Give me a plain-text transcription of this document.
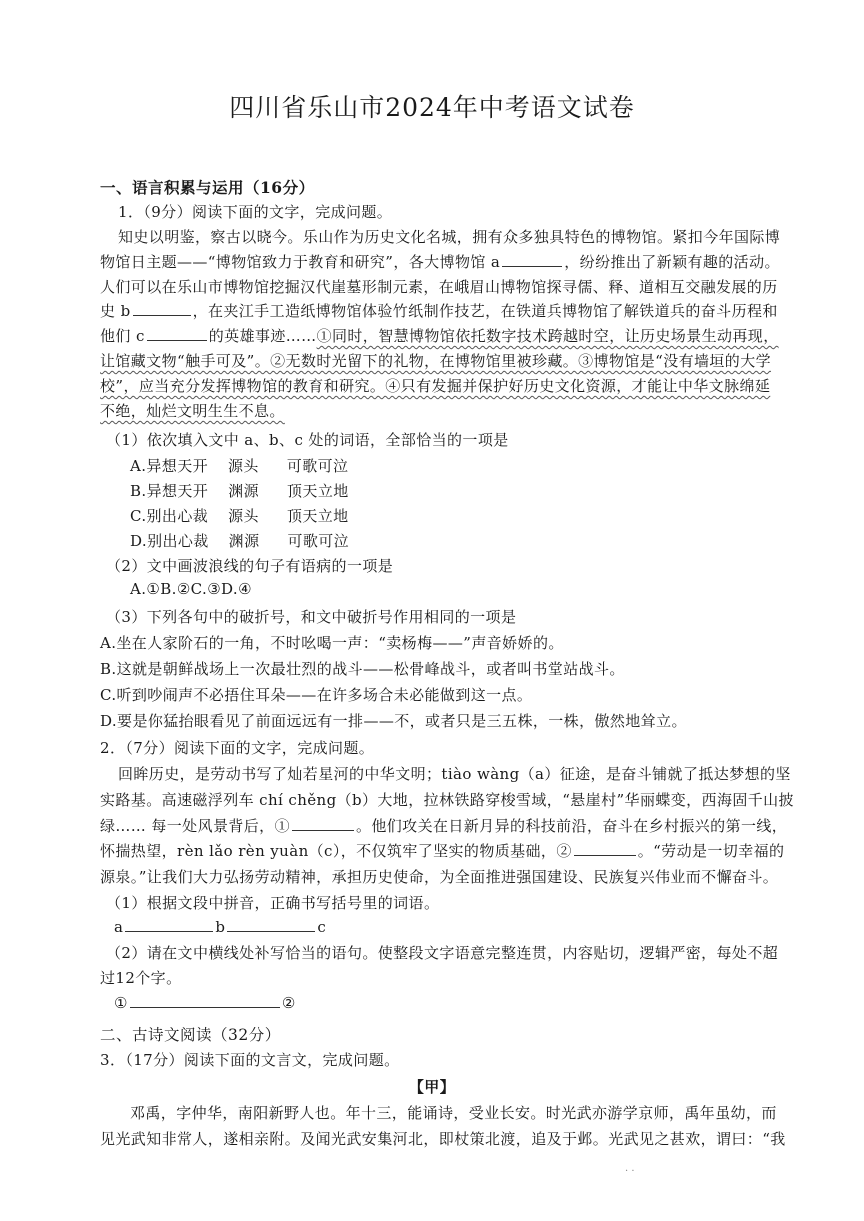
四川省乐山市2024年中考语文试卷
一、语言积累与运用（16分）
1．（9分）阅读下面的文字，完成问题。
知史以明鉴，察古以晓今。乐山作为历史文化名城，拥有众多独具特色的博物馆。紧扣今年国际博
物馆日主题——“博物馆致力于教育和研究”，各大博物馆 a	，纷纷推出了新颖有趣的活动。
人们可以在乐山市博物馆挖掘汉代崖墓形制元素，在峨眉山博物馆探寻儒、释、道相互交融发展的历
史 b	，在夹江手工造纸博物馆体验竹纸制作技艺，在铁道兵博物馆了解铁道兵的奋斗历程和
他们 c	的英雄事迹……①同时，智慧博物馆依托数字技术跨越时空，让历史场景生动再现，
让馆藏文物“触手可及”。②无数时光留下的礼物，在博物馆里被珍藏。③博物馆是“没有墙垣的大学
校”，应当充分发挥博物馆的教育和研究。④只有发掘并保护好历史文化资源，才能让中华文脉绵延
不绝，灿烂文明生生不息。
（1）依次填入文中 a、b、c 处的词语，全部恰当的一项是
A.异想天开 源头 可歌可泣
B.异想天开 渊源 顶天立地
C.别出心裁 源头 顶天立地
D.别出心裁 渊源 可歌可泣
（2）文中画波浪线的句子有语病的一项是
A.①B.②C.③D.④
（3）下列各句中的破折号，和文中破折号作用相同的一项是
A.坐在人家阶石的一角，不时吆喝一声：“卖杨梅——”声音娇娇的。
B.这就是朝鲜战场上一次最壮烈的战斗——松骨峰战斗，或者叫书堂站战斗。
C.听到吵闹声不必捂住耳朵——在许多场合未必能做到这一点。
D.要是你猛抬眼看见了前面远远有一排——不，或者只是三五株，一株，傲然地耸立。
2．（7分）阅读下面的文字，完成问题。
回眸历史，是劳动书写了灿若星河的中华文明；tiào wàng（a）征途，是奋斗铺就了抵达梦想的坚
实路基。高速磁浮列车 chí chěng（b）大地，拉林铁路穿梭雪域，“悬崖村”华丽蝶变，西海固千山披
绿…… 每一处风景背后，①	。他们攻关在日新月异的科技前沿，奋斗在乡村振兴的第一线，
怀揣热望，rèn lǎo rèn yuàn（c），不仅筑牢了坚实的物质基础，②	。“劳动是一切幸福的
源泉。”让我们大力弘扬劳动精神，承担历史使命，为全面推进强国建设、民族复兴伟业而不懈奋斗。
（1）根据文段中拼音，正确书写括号里的词语。
a	b	c
（2）请在文中横线处补写恰当的语句。使整段文字语意完整连贯，内容贴切，逻辑严密，每处不超
过12个字。
①	②
二、古诗文阅读（32分）
3．（17分）阅读下面的文言文，完成问题。
【甲】
邓禹，字仲华，南阳新野人也。年十三，能诵诗，受业长安。时光武亦游学京师，禹年虽幼，而
见光武知非常人，遂相亲附。及闻光武安集河北，即杖策北渡，追及于邺。光武见之甚欢，谓曰：“我
· ·
